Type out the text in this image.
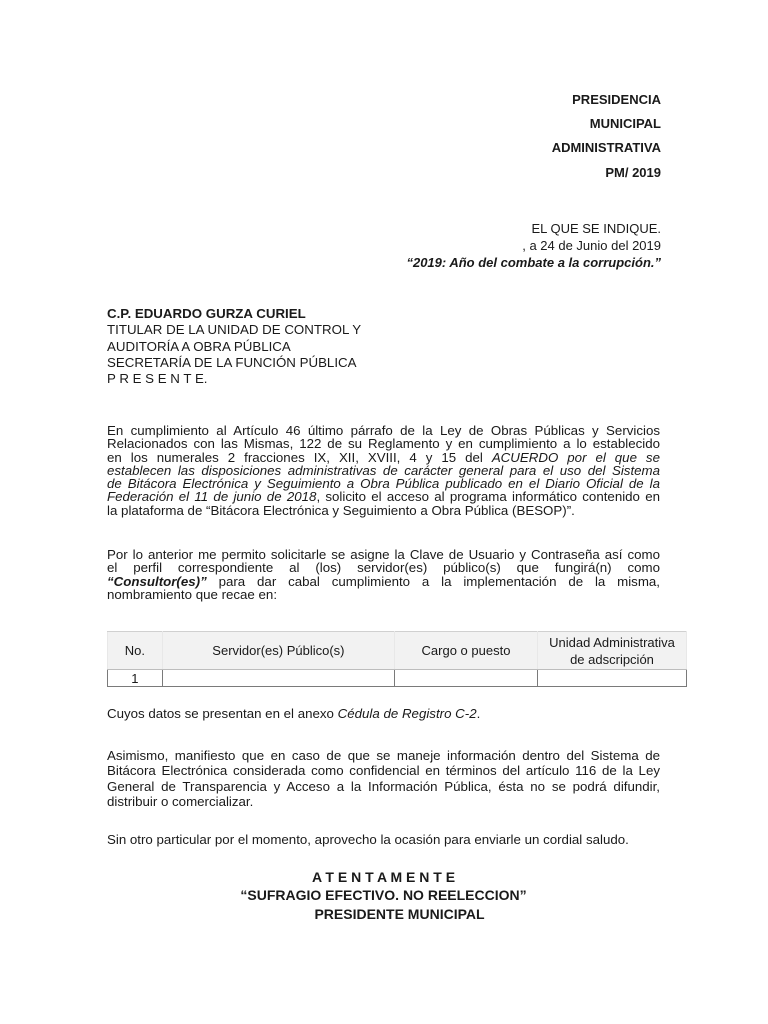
PRESIDENCIA
MUNICIPAL
ADMINISTRATIVA
PM/ 2019
EL QUE SE INDIQUE.
, a 24 de Junio del 2019
“2019: Año del combate a la corrupción.”
C.P. EDUARDO GURZA CURIEL
TITULAR DE LA UNIDAD DE CONTROL Y
AUDITORÍA A OBRA PÚBLICA
SECRETARÍA DE LA FUNCIÓN PÚBLICA
P R E S E N T E.
En cumplimiento al Artículo 46 último párrafo de la Ley de Obras Públicas y Servicios
Relacionados con las Mismas, 122 de su Reglamento y en cumplimiento a lo establecido
en los numerales 2 fracciones IX, XII, XVIII, 4 y 15 del ACUERDO por el que se
establecen las disposiciones administrativas de carácter general para el uso del Sistema
de Bitácora Electrónica y Seguimiento a Obra Pública publicado en el Diario Oficial de la
Federación el 11 de junio de 2018, solicito el acceso al programa informático contenido en
la plataforma de “Bitácora Electrónica y Seguimiento a Obra Pública (BESOP)”.
Por lo anterior me permito solicitarle se asigne la Clave de Usuario y Contraseña así como
el perfil correspondiente al (los) servidor(es) público(s) que fungirá(n) como
“Consultor(es)” para dar cabal cumplimiento a la implementación de la misma,
nombramiento que recae en:
No.	Servidor(es) Público(s)	Cargo o puesto	Unidad Administrativa de adscripción
1			
Cuyos datos se presentan en el anexo Cédula de Registro C-2.
Asimismo, manifiesto que en caso de que se maneje información dentro del Sistema de
Bitácora Electrónica considerada como confidencial en términos del artículo 116 de la Ley
General de Transparencia y Acceso a la Información Pública, ésta no se podrá difundir,
distribuir o comercializar.
Sin otro particular por el momento, aprovecho la ocasión para enviarle un cordial saludo.
A T E N T A M E N T E
“SUFRAGIO EFECTIVO. NO REELECCION”
PRESIDENTE MUNICIPAL
